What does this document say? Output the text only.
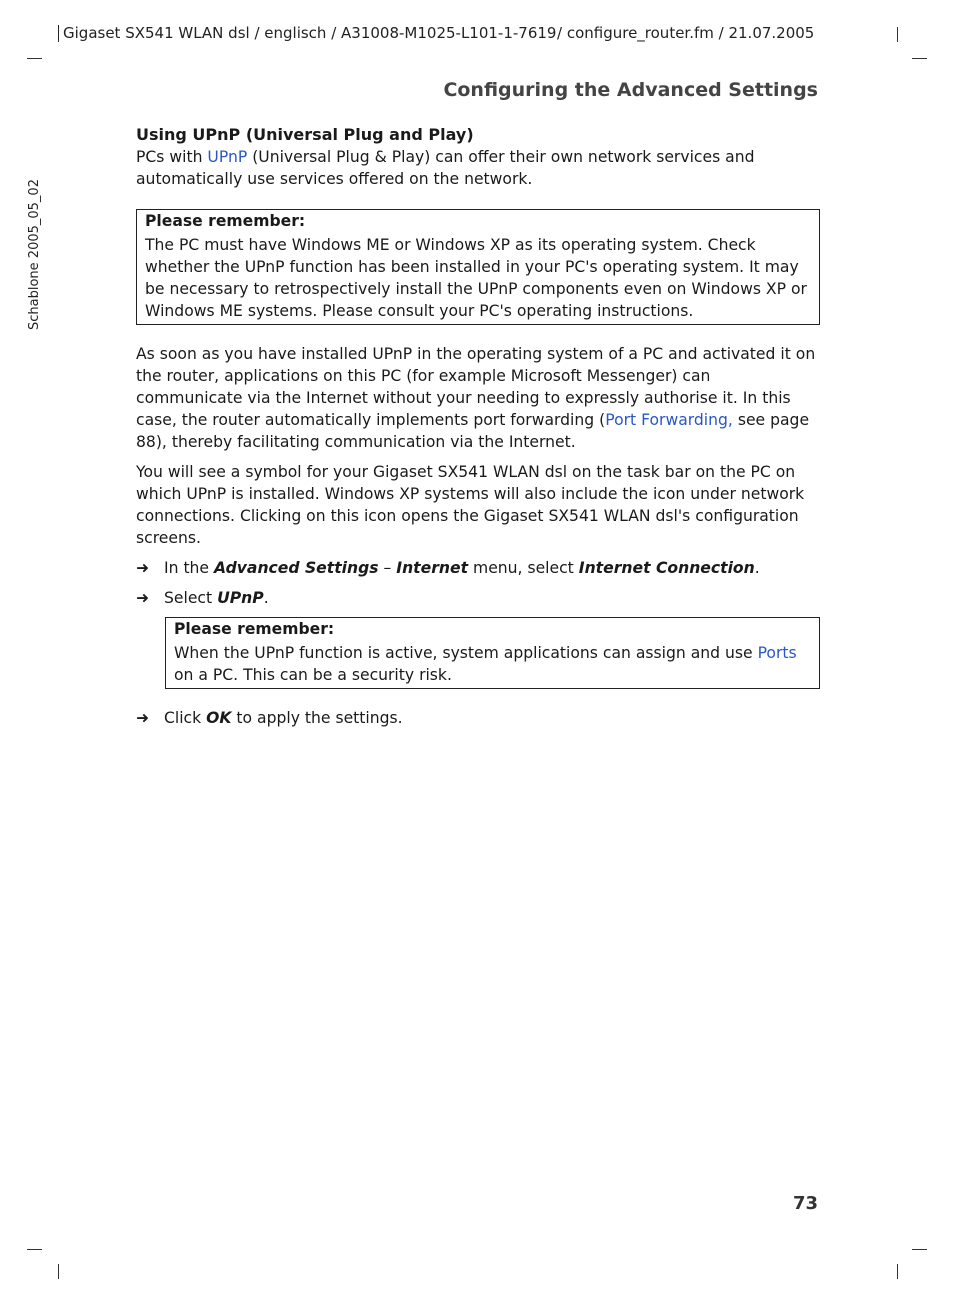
Gigaset SX541 WLAN dsl / englisch / A31008-M1025-L101-1-7619 / configure_router.fm / 21.07.2005
Schablone 2005_05_02
Configuring the Advanced Settings

Using UPnP (Universal Plug and Play)

PCs with UPnP (Universal Plug & Play) can offer their own network services and automatically use services offered on the network.

Please remember:
The PC must have Windows ME or Windows XP as its operating system. Check whether the UPnP function has been installed in your PC's operating system. It may be necessary to retrospectively install the UPnP components even on Windows XP or Windows ME systems. Please consult your PC's operating instructions.

As soon as you have installed UPnP in the operating system of a PC and activated it on the router, applications on this PC (for example Microsoft Messenger) can communicate via the Internet without your needing to expressly authorise it. In this case, the router automatically implements port forwarding (Port Forwarding, see page 88), thereby facilitating communication via the Internet.

You will see a symbol for your Gigaset SX541 WLAN dsl on the task bar on the PC on which UPnP is installed. Windows XP systems will also include the icon under network connections. Clicking on this icon opens the Gigaset SX541 WLAN dsl's configuration screens.

➜ In the Advanced Settings – Internet menu, select Internet Connection.
➜ Select UPnP.
Please remember:
When the UPnP function is active, system applications can assign and use Ports on a PC. This can be a security risk.
➜ Click OK to apply the settings.
73
